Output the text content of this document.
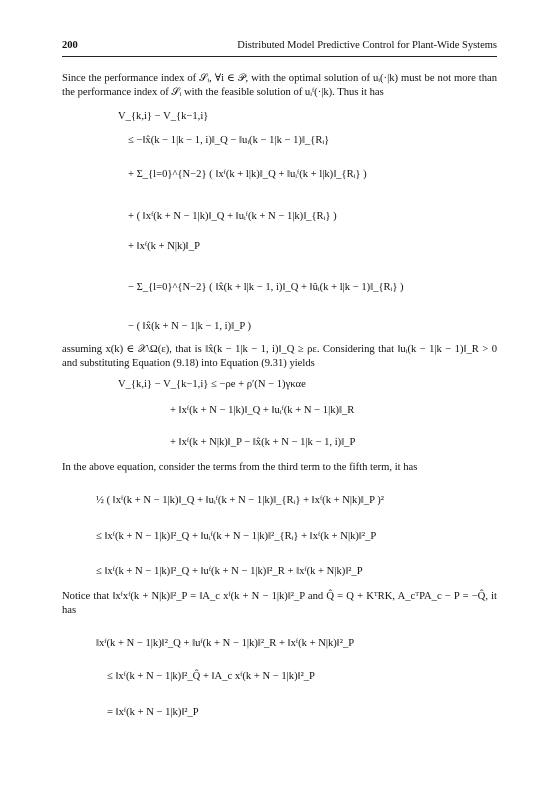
200	Distributed Model Predictive Control for Plant-Wide Systems
Since the performance index of 𝒮ᵢ, ∀i ∈ 𝒫, with the optimal solution of uᵢ(·|k) must be not more than the performance index of 𝒮ᵢ with the feasible solution of uᵢᶠ(·|k). Thus it has
V_{k,i} − V_{k−1,i}
≤ −‖x̂(k − 1|k − 1, i)‖_Q − ‖uᵢ(k − 1|k − 1)‖_{Rᵢ}
+ Σ_{l=0}^{N−2} ( ‖xᶠ(k + l|k)‖_Q + ‖uᵢᶠ(k + l|k)‖_{Rᵢ} )
+ ( ‖xᶠ(k + N − 1|k)‖_Q + ‖uᵢᶠ(k + N − 1|k)‖_{Rᵢ} )
+ ‖xᶠ(k + N|k)‖_P
− Σ_{l=0}^{N−2} ( ‖x̂(k + l|k − 1, i)‖_Q + ‖ûᵢ(k + l|k − 1)‖_{Rᵢ} )
− ( ‖x̂(k + N − 1|k − 1, i)‖_P )
assuming x(k) ∈ 𝒳\Ω(ε), that is ‖x̂(k − 1|k − 1, i)‖_Q ≥ ρε. Considering that ‖uᵢ(k − 1|k − 1)‖_R > 0 and substituting Equation (9.18) into Equation (9.31) yields
V_{k,i} − V_{k−1,i} ≤ −ρe + ρ′(N − 1)γκαe
+ ‖xᶠ(k + N − 1|k)‖_Q + ‖uᵢᶠ(k + N − 1|k)‖_R
+ ‖xᶠ(k + N|k)‖_P − ‖x̂(k + N − 1|k − 1, i)‖_P
In the above equation, consider the terms from the third term to the fifth term, it has
½ ( ‖xᶠ(k + N − 1|k)‖_Q + ‖uᵢᶠ(k + N − 1|k)‖_{Rᵢ} + ‖xᶠ(k + N|k)‖_P )²
≤ ‖xᶠ(k + N − 1|k)‖²_Q + ‖uᵢᶠ(k + N − 1|k)‖²_{Rᵢ} + ‖xᶠ(k + N|k)‖²_P
≤ ‖xᶠ(k + N − 1|k)‖²_Q + ‖uᶠ(k + N − 1|k)‖²_R + ‖xᶠ(k + N|k)‖²_P
Notice that ‖xᶠxᶠ(k + N|k)‖²_P = ‖A_c xᶠ(k + N − 1|k)‖²_P and Q̂ = Q + KᵀRK, A_cᵀPA_c − P = −Q̂, it has
‖xᶠ(k + N − 1|k)‖²_Q + ‖uᶠ(k + N − 1|k)‖²_R + ‖xᶠ(k + N|k)‖²_P
≤ ‖xᶠ(k + N − 1|k)‖²_Q̂ + ‖A_c xᶠ(k + N − 1|k)‖²_P
= ‖xᶠ(k + N − 1|k)‖²_P
